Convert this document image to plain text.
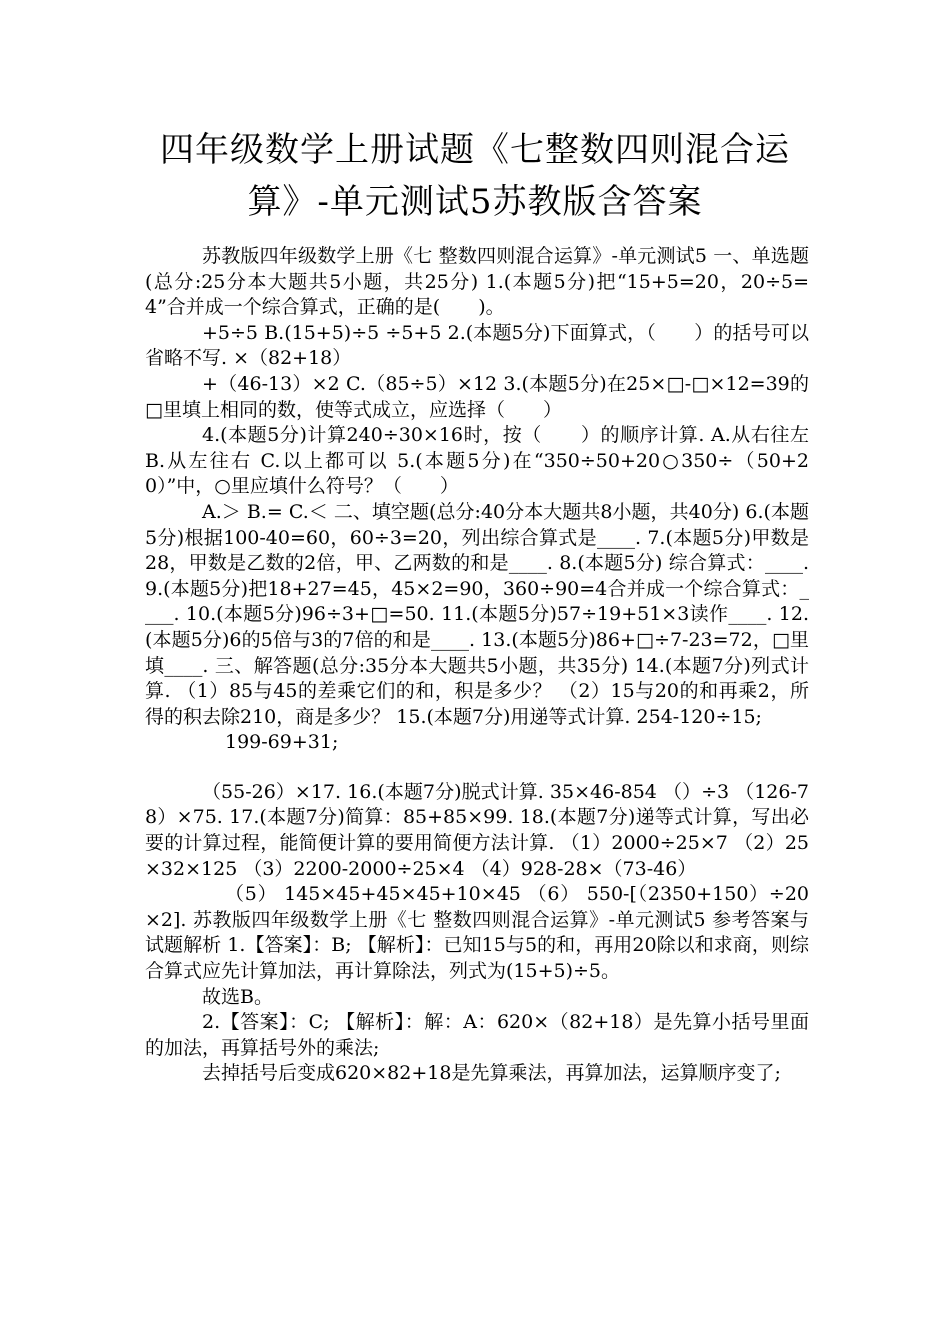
四年级数学上册试题《七整数四则混合运算》-单元测试5苏教版含答案

苏教版四年级数学上册《七 整数四则混合运算》-单元测试5 一、单选题(总分:25分本大题共5小题，共25分) 1.(本题5分)把“15+5=20，20÷5=4”合并成一个综合算式，正确的是(　　)。

+5÷5 B.(15+5)÷5 ÷5+5 2.(本题5分)下面算式，（　　）的括号可以省略不写. ×（82+18）

+（46-13）×2 C.（85÷5）×12 3.(本题5分)在25×□-□×12=39的□里填上相同的数，使等式成立，应选择（　　）

4.(本题5分)计算240÷30×16时，按（　　）的顺序计算. A.从右往左 B.从左往右 C.以上都可以 5.(本题5分)在“350÷50+20○350÷（50+20）”中，○里应填什么符号？（　　）

A.＞ B.= C.＜ 二、填空题(总分:40分本大题共8小题，共40分) 6.(本题5分)根据100-40=60，60÷3=20，列出综合算式是____. 7.(本题5分)甲数是28，甲数是乙数的2倍，甲、乙两数的和是____. 8.(本题5分) 综合算式：____. 9.(本题5分)把18+27=45，45×2=90，360÷90=4合并成一个综合算式：____. 10.(本题5分)96÷3+□=50. 11.(本题5分)57÷19+51×3读作____. 12.(本题5分)6的5倍与3的7倍的和是____. 13.(本题5分)86+□÷7-23=72，□里填____. 三、解答题(总分:35分本大题共5小题，共35分) 14.(本题7分)列式计算. （1）85与45的差乘它们的和，积是多少？ （2）15与20的和再乘2，所得的积去除210，商是多少？ 15.(本题7分)用递等式计算. 254-120÷15;

199-69+31;

（55-26）×17. 16.(本题7分)脱式计算. 35×46-854 （）÷3 （126-78）×75. 17.(本题7分)简算：85+85×99. 18.(本题7分)递等式计算，写出必要的计算过程，能简便计算的要用简便方法计算. （1）2000÷25×7 （2）25×32×125 （3）2200-2000÷25×4 （4）928-28×（73-46）

（5） 145×45+45×45+10×45 （6） 550-[（2350+150）÷20×2]. 苏教版四年级数学上册《七 整数四则混合运算》-单元测试5 参考答案与试题解析 1.【答案】：B; 【解析】：已知15与5的和，再用20除以和求商，则综合算式应先计算加法，再计算除法，列式为(15+5)÷5。

故选B。

2.【答案】：C; 【解析】：解：A：620×（82+18）是先算小括号里面的加法，再算括号外的乘法;

去掉括号后变成620×82+18是先算乘法，再算加法，运算顺序变了;
